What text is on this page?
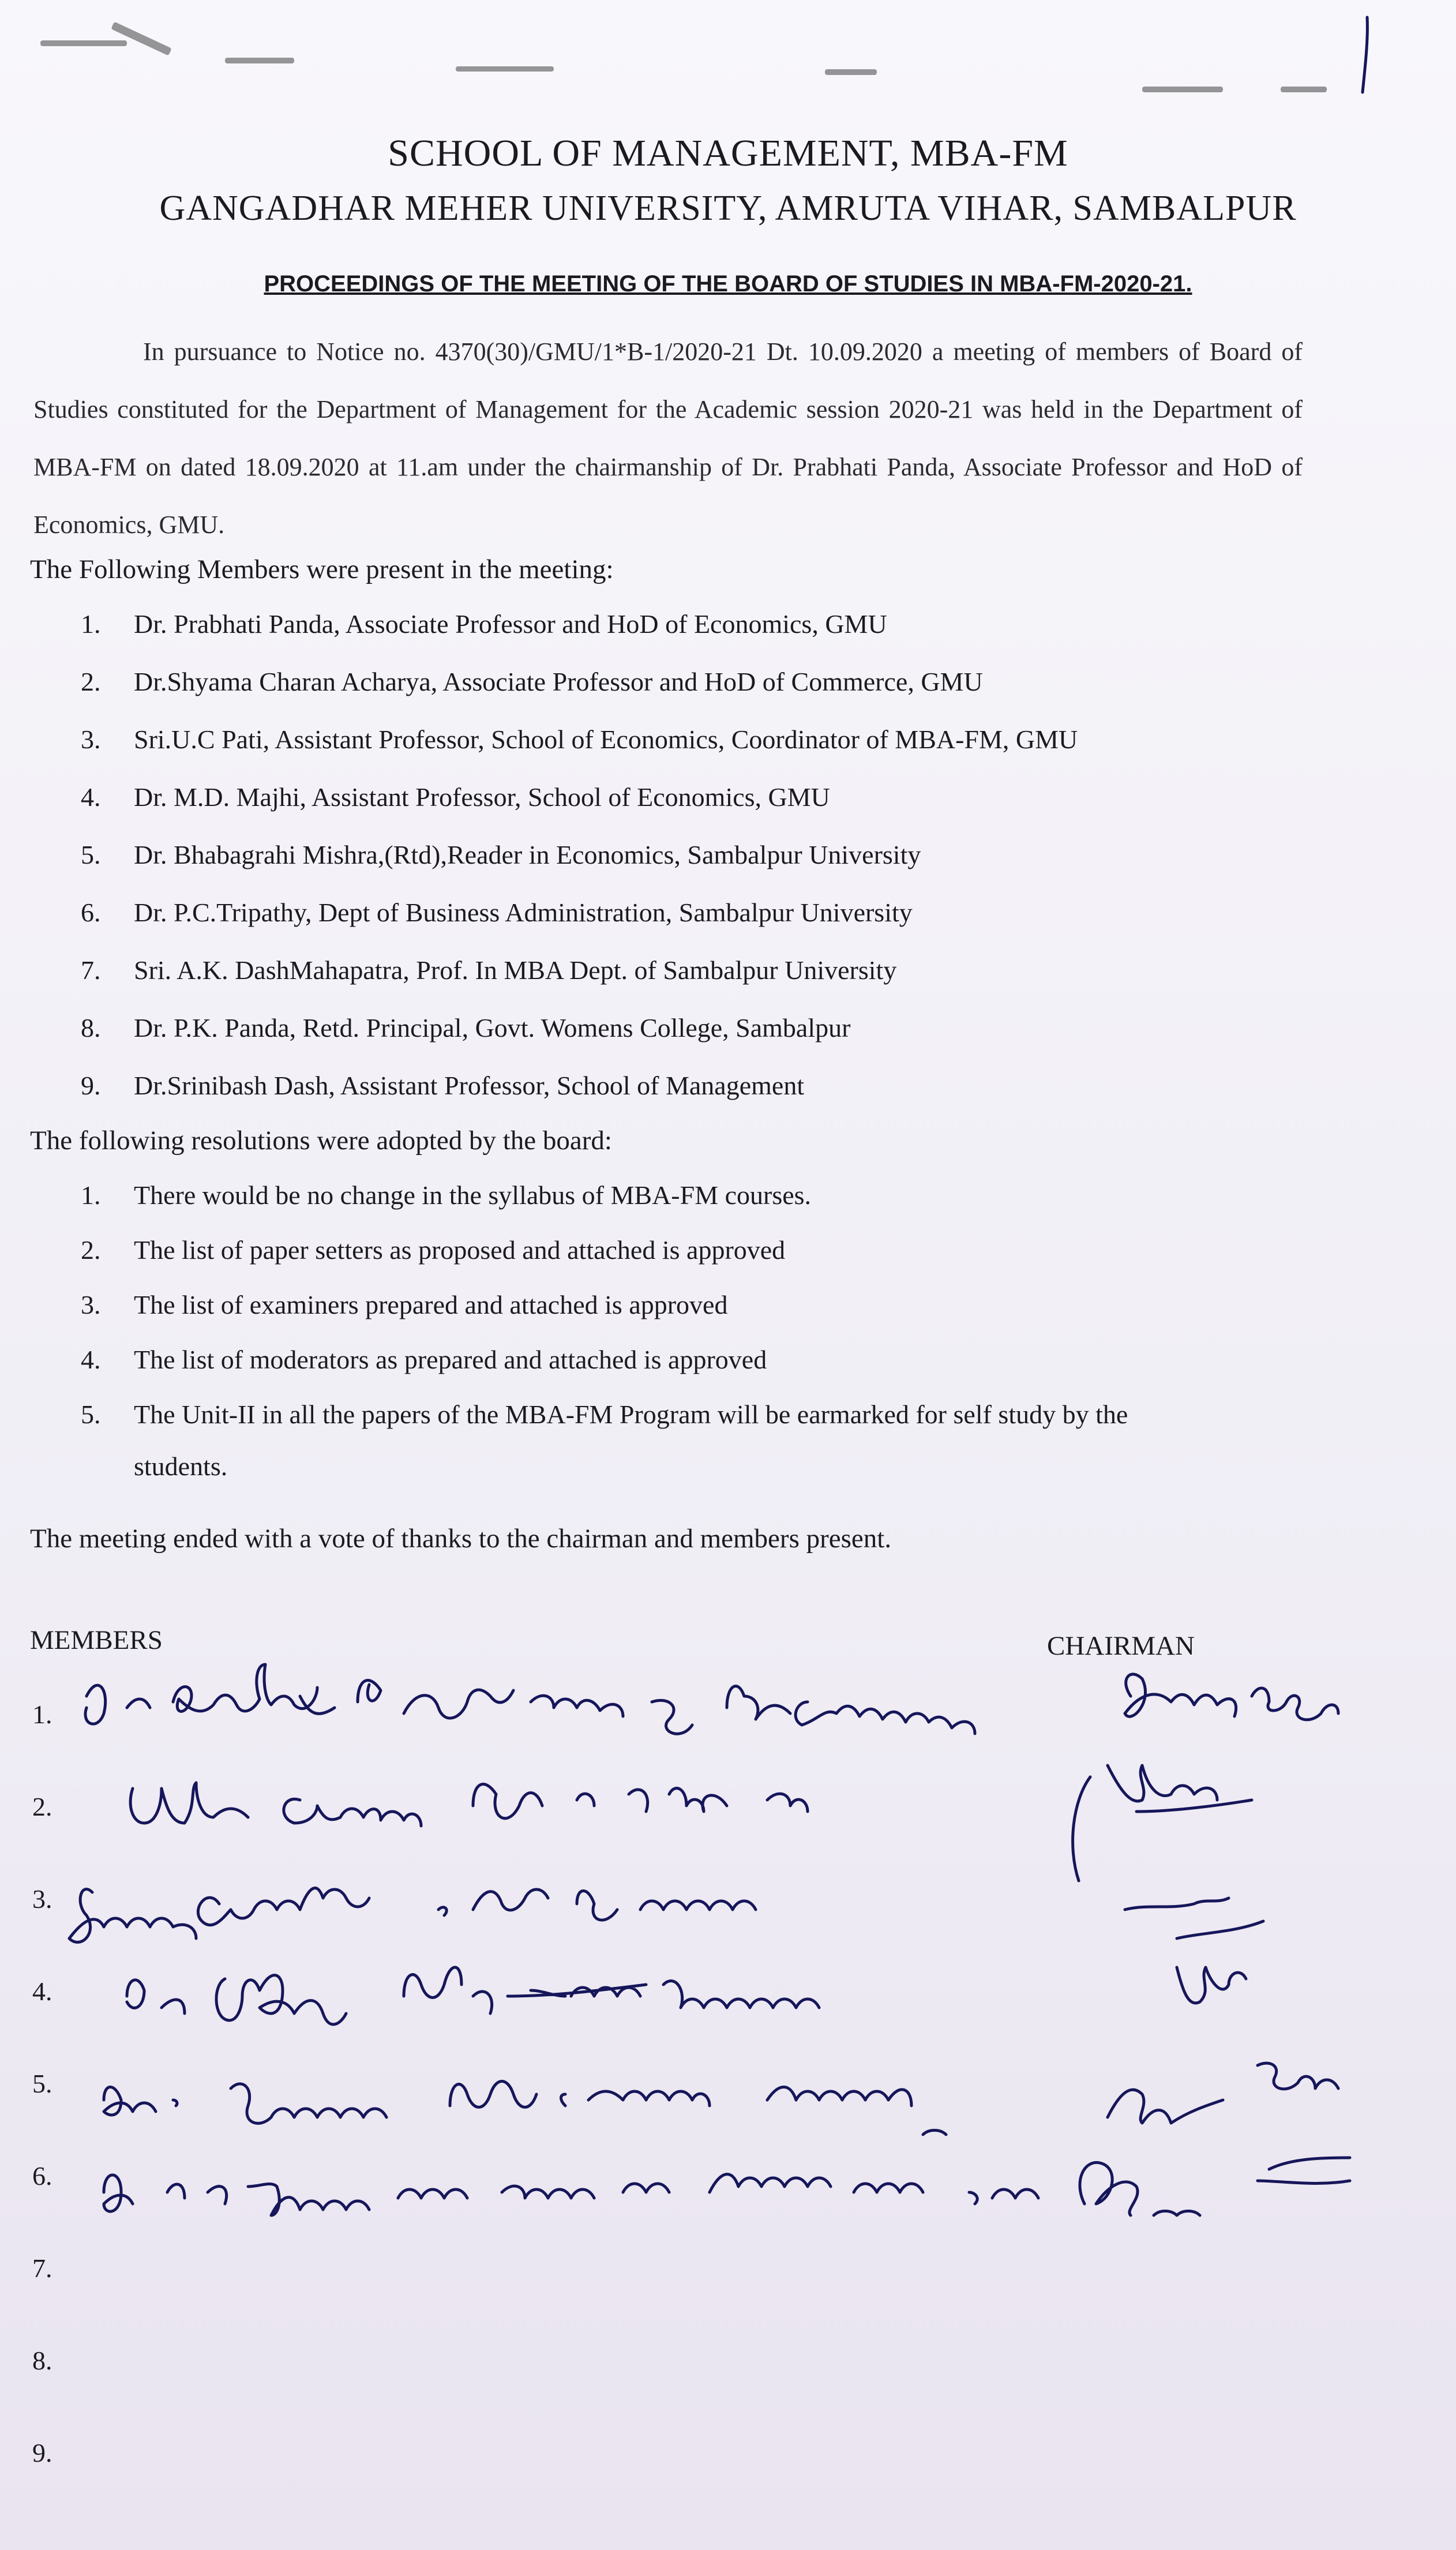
SCHOOL OF MANAGEMENT, MBA-FM
GANGADHAR MEHER UNIVERSITY, AMRUTA VIHAR, SAMBALPUR
PROCEEDINGS OF THE MEETING OF THE BOARD OF STUDIES IN MBA-FM-2020-21.
In pursuance to Notice no. 4370(30)/GMU/1*B-1/2020-21 Dt. 10.09.2020 a meeting of members of Board of Studies constituted for the Department of Management for the Academic session 2020-21 was held in the Department of MBA-FM on dated 18.09.2020 at 11.am under the chairmanship of Dr. Prabhati Panda, Associate Professor and HoD of Economics, GMU.
The Following Members were present in the meeting:
1.	Dr. Prabhati Panda, Associate Professor and HoD of Economics, GMU
2.	Dr.Shyama Charan Acharya, Associate Professor and HoD of Commerce, GMU
3.	Sri.U.C Pati, Assistant Professor, School of Economics, Coordinator of MBA-FM, GMU
4.	Dr. M.D. Majhi, Assistant Professor, School of Economics, GMU
5.	Dr. Bhabagrahi Mishra,(Rtd),Reader in Economics, Sambalpur University
6.	Dr. P.C.Tripathy, Dept of Business Administration, Sambalpur University
7.	Sri. A.K. DashMahapatra, Prof. In MBA Dept. of Sambalpur University
8.	Dr. P.K. Panda, Retd. Principal, Govt. Womens College, Sambalpur
9.	Dr.Srinibash Dash, Assistant Professor, School of Management
The following resolutions were adopted by the board:
1.	There would be no change in the syllabus of MBA-FM courses.
2.	The list of paper setters as proposed and attached is approved
3.	The list of examiners prepared and attached is approved
4.	The list of moderators as prepared and attached is approved
5.	The Unit-II in all the papers of the MBA-FM Program will be earmarked for self study by the
students.
The meeting ended with a vote of thanks to the chairman and members present.
MEMBERS	CHAIRMAN
1.
2.
3.
4.
5.
6.
7.
8.
9.
